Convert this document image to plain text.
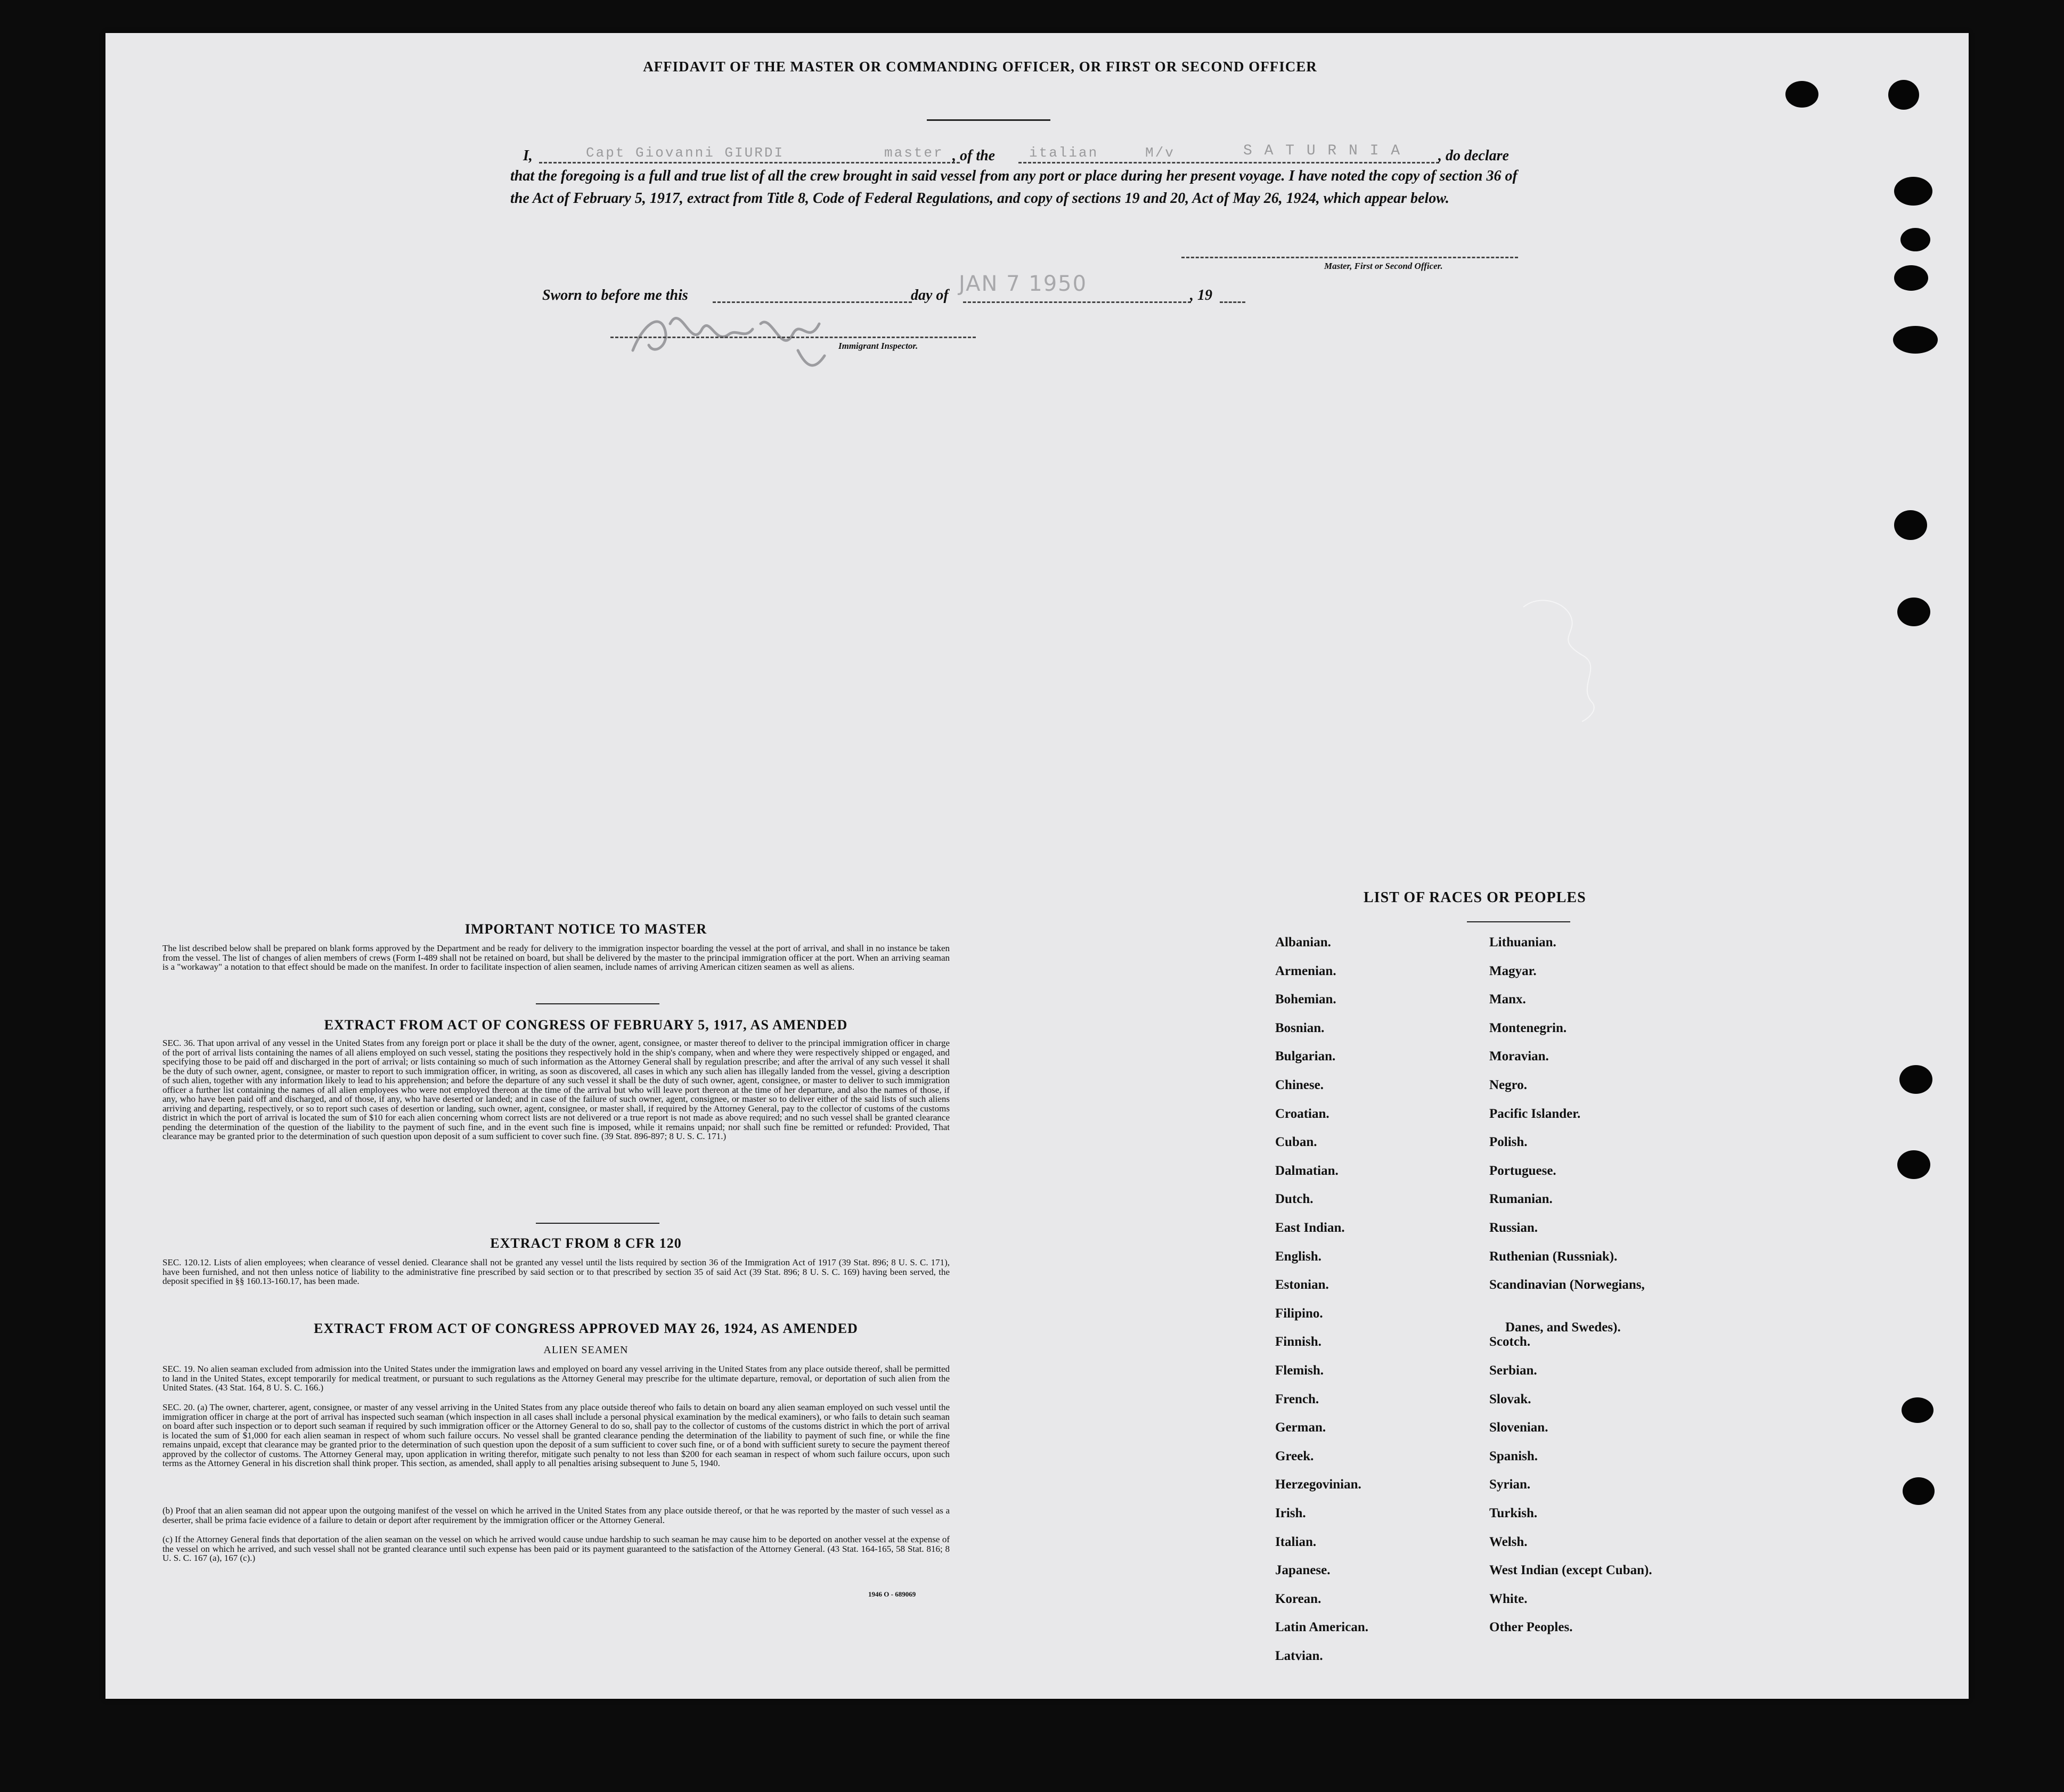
AFFIDAVIT OF THE MASTER OR COMMANDING OFFICER, OR FIRST OR SECOND OFFICER
I,	Capt Giovanni GIURDI	master , of the italian	M/v	S A T U R N I A , do declare
that the foregoing is a full and true list of all the crew brought in said vessel from any port or place during her present voyage. I have noted the copy of section 36 of the Act of February 5, 1917, extract from Title 8, Code of Federal Regulations, and copy of sections 19 and 20, Act of May 26, 1924, which appear below.
Master, First or Second Officer.
Sworn to before me this	day of JAN 7 1950	, 19
Immigrant Inspector.
IMPORTANT NOTICE TO MASTER
The list described below shall be prepared on blank forms approved by the Department and be ready for delivery to the immigration inspector boarding the vessel at the port of arrival, and shall in no instance be taken from the vessel. The list of changes of alien members of crews (Form I-489 shall not be retained on board, but shall be delivered by the master to the principal immigration officer at the port. When an arriving seaman is a "workaway" a notation to that effect should be made on the manifest. In order to facilitate inspection of alien seamen, include names of arriving American citizen seamen as well as aliens.
EXTRACT FROM ACT OF CONGRESS OF FEBRUARY 5, 1917, AS AMENDED
SEC. 36. That upon arrival of any vessel in the United States from any foreign port or place it shall be the duty of the owner, agent, consignee, or master thereof to deliver to the principal immigration officer in charge of the port of arrival lists containing the names of all aliens employed on such vessel, stating the positions they respectively hold in the ship's company, when and where they were respectively shipped or engaged, and specifying those to be paid off and discharged in the port of arrival; or lists containing so much of such information as the Attorney General shall by regulation prescribe; and after the arrival of any such vessel it shall be the duty of such owner, agent, consignee, or master to report to such immigration officer, in writing, as soon as discovered, all cases in which any such alien has illegally landed from the vessel, giving a description of such alien, together with any information likely to lead to his apprehension; and before the departure of any such vessel it shall be the duty of such owner, agent, consignee, or master to deliver to such immigration officer a further list containing the names of all alien employees who were not employed thereon at the time of the arrival but who will leave port thereon at the time of her departure, and also the names of those, if any, who have been paid off and discharged, and of those, if any, who have deserted or landed; and in case of the failure of such owner, agent, consignee, or master so to deliver either of the said lists of such aliens arriving and departing, respectively, or so to report such cases of desertion or landing, such owner, agent, consignee, or master shall, if required by the Attorney General, pay to the collector of customs of the customs district in which the port of arrival is located the sum of $10 for each alien concerning whom correct lists are not delivered or a true report is not made as above required; and no such vessel shall be granted clearance pending the determination of the question of the liability to the payment of such fine, and in the event such fine is imposed, while it remains unpaid; nor shall such fine be remitted or refunded: Provided, That clearance may be granted prior to the determination of such question upon deposit of a sum sufficient to cover such fine. (39 Stat. 896-897; 8 U. S. C. 171.)
EXTRACT FROM 8 CFR 120
SEC. 120.12. Lists of alien employees; when clearance of vessel denied. Clearance shall not be granted any vessel until the lists required by section 36 of the Immigration Act of 1917 (39 Stat. 896; 8 U. S. C. 171), have been furnished, and not then unless notice of liability to the administrative fine prescribed by said section or to that prescribed by section 35 of said Act (39 Stat. 896; 8 U. S. C. 169) having been served, the deposit specified in §§ 160.13-160.17, has been made.
EXTRACT FROM ACT OF CONGRESS APPROVED MAY 26, 1924, AS AMENDED
ALIEN SEAMEN
SEC. 19. No alien seaman excluded from admission into the United States under the immigration laws and employed on board any vessel arriving in the United States from any place outside thereof, shall be permitted to land in the United States, except temporarily for medical treatment, or pursuant to such regulations as the Attorney General may prescribe for the ultimate departure, removal, or deportation of such alien from the United States. (43 Stat. 164, 8 U. S. C. 166.)
SEC. 20. (a) The owner, charterer, agent, consignee, or master of any vessel arriving in the United States from any place outside thereof who fails to detain on board any alien seaman employed on such vessel until the immigration officer in charge at the port of arrival has inspected such seaman (which inspection in all cases shall include a personal physical examination by the medical examiners), or who fails to detain such seaman on board after such inspection or to deport such seaman if required by such immigration officer or the Attorney General to do so, shall pay to the collector of customs of the customs district in which the port of arrival is located the sum of $1,000 for each alien seaman in respect of whom such failure occurs. No vessel shall be granted clearance pending the determination of the liability to payment of such fine, or while the fine remains unpaid, except that clearance may be granted prior to the determination of such question upon the deposit of a sum sufficient to cover such fine, or of a bond with sufficient surety to secure the payment thereof approved by the collector of customs. The Attorney General may, upon application in writing therefor, mitigate such penalty to not less than $200 for each seaman in respect of whom such failure occurs, upon such terms as the Attorney General in his discretion shall think proper. This section, as amended, shall apply to all penalties arising subsequent to June 5, 1940.
(b) Proof that an alien seaman did not appear upon the outgoing manifest of the vessel on which he arrived in the United States from any place outside thereof, or that he was reported by the master of such vessel as a deserter, shall be prima facie evidence of a failure to detain or deport after requirement by the immigration officer or the Attorney General.
(c) If the Attorney General finds that deportation of the alien seaman on the vessel on which he arrived would cause undue hardship to such seaman he may cause him to be deported on another vessel at the expense of the vessel on which he arrived, and such vessel shall not be granted clearance until such expense has been paid or its payment guaranteed to the satisfaction of the Attorney General. (43 Stat. 164-165, 58 Stat. 816; 8 U. S. C. 167 (a), 167 (c).)
1946 O - 689069
LIST OF RACES OR PEOPLES
Albanian.
Armenian.
Bohemian.
Bosnian.
Bulgarian.
Chinese.
Croatian.
Cuban.
Dalmatian.
Dutch.
East Indian.
English.
Estonian.
Filipino.
Finnish.
Flemish.
French.
German.
Greek.
Herzegovinian.
Irish.
Italian.
Japanese.
Korean.
Latin American.
Latvian.
Lithuanian.
Magyar.
Manx.
Montenegrin.
Moravian.
Negro.
Pacific Islander.
Polish.
Portuguese.
Rumanian.
Russian.
Ruthenian (Russniak).
Scandinavian (Norwegians,
Danes, and Swedes).
Scotch.
Serbian.
Slovak.
Slovenian.
Spanish.
Syrian.
Turkish.
Welsh.
West Indian (except Cuban).
White.
Other Peoples.
